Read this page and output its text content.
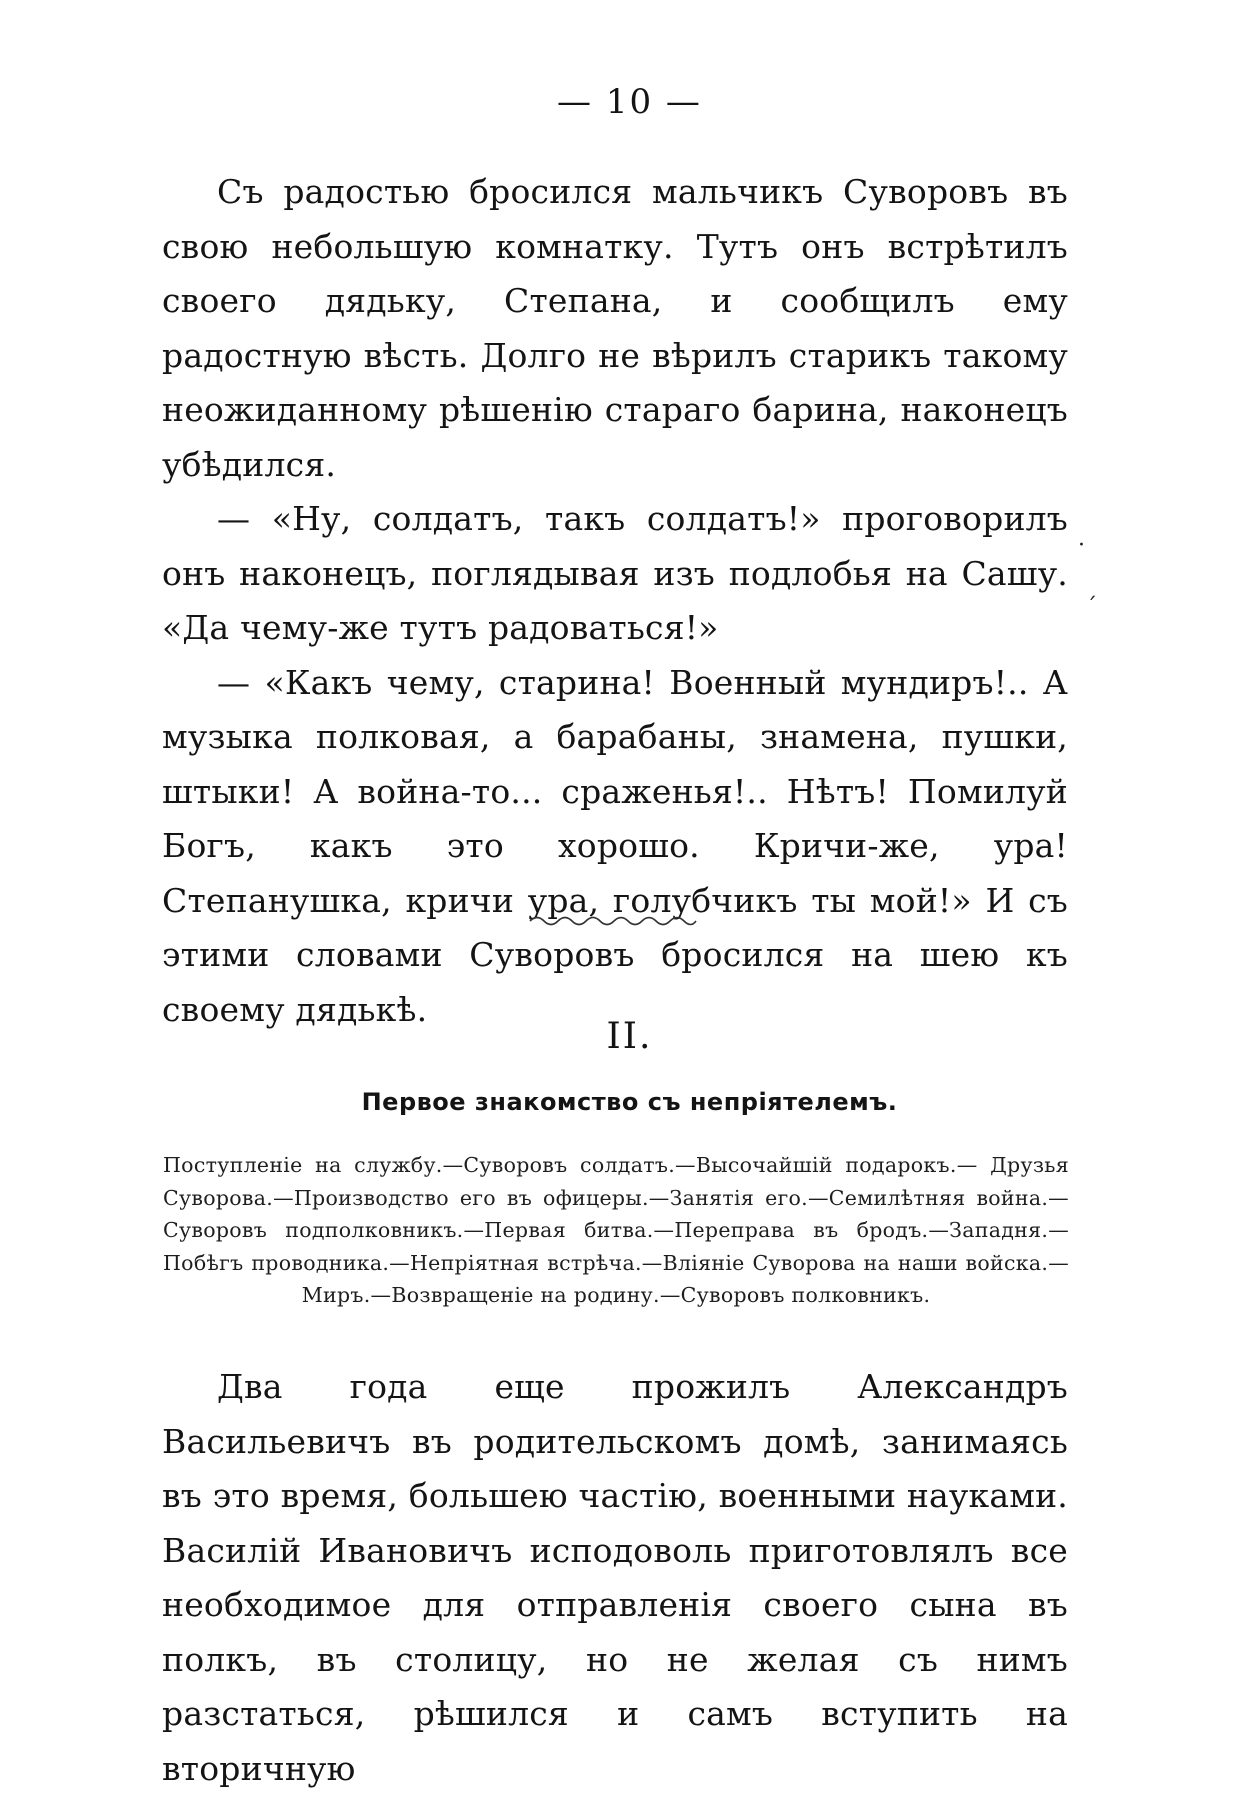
— 10 —

Съ радостью бросился мальчикъ Суворовъ въ свою небольшую комнатку. Тутъ онъ встрѣтилъ своего дядьку, Степана, и сообщилъ ему радостную вѣсть. Долго не вѣрилъ старикъ такому неожиданному рѣшенію стараго барина, наконецъ убѣдился.

— «Ну, солдатъ, такъ солдатъ!» проговорилъ онъ наконецъ, поглядывая изъ подлобья на Сашу. «Да чему-же тутъ радоваться!»

— «Какъ чему, старина! Военный мундиръ!.. А музыка полковая, а барабаны, знамена, пушки, штыки! А война-то... сраженья!.. Нѣтъ! Помилуй Богъ, какъ это хорошо. Кричи-же, ура! Степанушка, кричи ура, голубчикъ ты мой!» И съ этими словами Суворовъ бросился на шею къ своему дядькѣ.

·
ˊ
II.
Первое знакомство съ непріятелемъ.

Поступленіе на службу.—Суворовъ солдатъ.—Высочайшій подарокъ.— Друзья Суворова.—Производство его въ офицеры.—Занятія его.—Семилѣтняя война.—Суворовъ подполковникъ.—Первая битва.—Переправа въ бродъ.—Западня.—Побѣгъ проводника.—Непріятная встрѣча.—Вліяніе Суворова на наши войска.—Миръ.—Возвращеніе на родину.—Суворовъ полковникъ.

Два года еще прожилъ Александръ Васильевичъ въ родительскомъ домѣ, занимаясь въ это время, большею частію, военными науками. Василій Ивановичъ исподоволь приготовлялъ все необходимое для отправленія своего сына въ полкъ, въ столицу, но не желая съ нимъ разстаться, рѣшился и самъ вступить на вторичную
